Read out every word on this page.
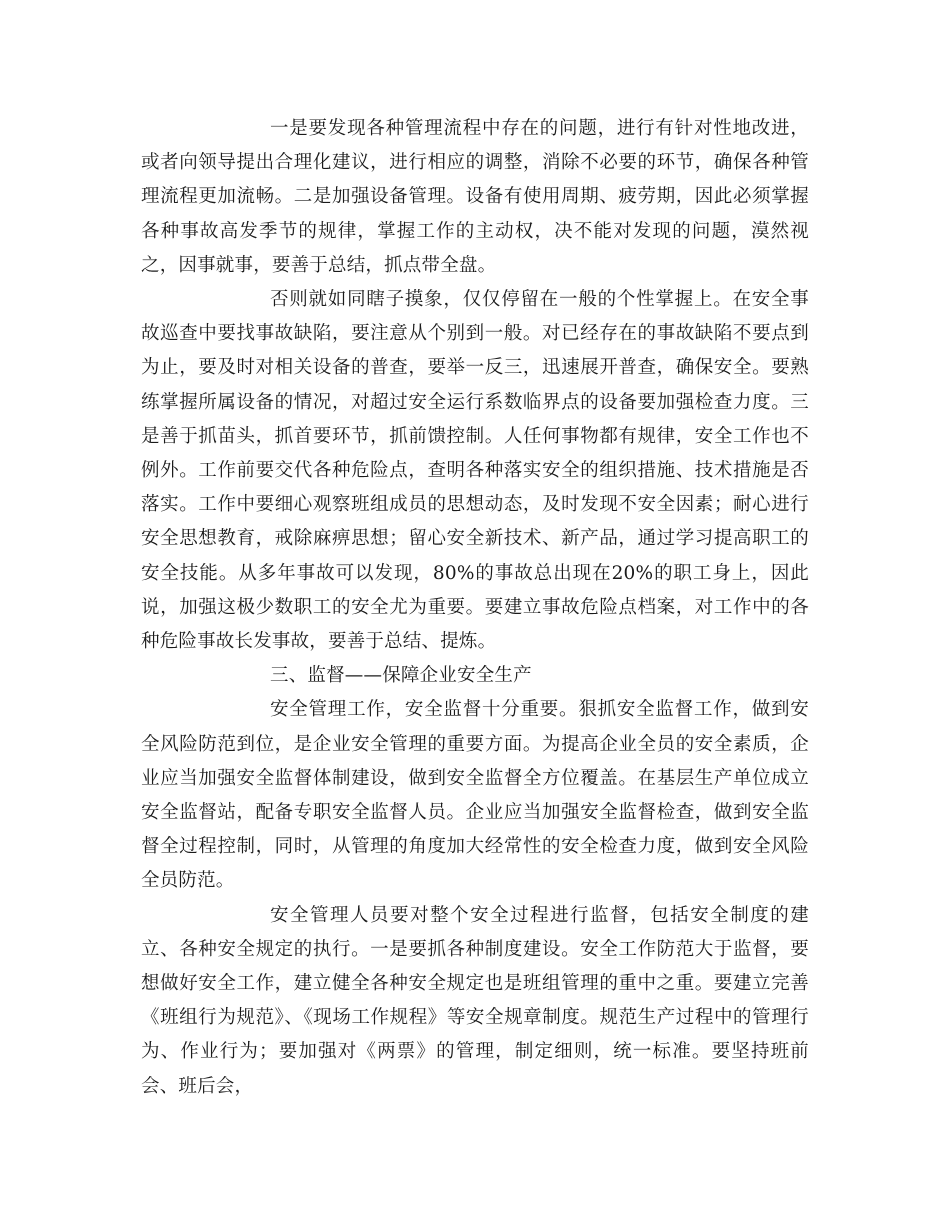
一是要发现各种管理流程中存在的问题，进行有针对性地改进，或者向领导提出合理化建议，进行相应的调整，消除不必要的环节，确保各种管理流程更加流畅。二是加强设备管理。设备有使用周期、疲劳期，因此必须掌握各种事故高发季节的规律，掌握工作的主动权，决不能对发现的问题，漠然视之，因事就事，要善于总结，抓点带全盘。

否则就如同瞎子摸象，仅仅停留在一般的个性掌握上。在安全事故巡查中要找事故缺陷，要注意从个别到一般。对已经存在的事故缺陷不要点到为止，要及时对相关设备的普查，要举一反三，迅速展开普查，确保安全。要熟练掌握所属设备的情况，对超过安全运行系数临界点的设备要加强检查力度。三是善于抓苗头，抓首要环节，抓前馈控制。人任何事物都有规律，安全工作也不例外。工作前要交代各种危险点，查明各种落实安全的组织措施、技术措施是否落实。工作中要细心观察班组成员的思想动态，及时发现不安全因素；耐心进行安全思想教育，戒除麻痹思想；留心安全新技术、新产品，通过学习提高职工的安全技能。从多年事故可以发现，80%的事故总出现在20%的职工身上，因此说，加强这极少数职工的安全尤为重要。要建立事故危险点档案，对工作中的各种危险事故长发事故，要善于总结、提炼。

三、监督——保障企业安全生产

安全管理工作，安全监督十分重要。狠抓安全监督工作，做到安全风险防范到位，是企业安全管理的重要方面。为提高企业全员的安全素质，企业应当加强安全监督体制建设，做到安全监督全方位覆盖。在基层生产单位成立安全监督站，配备专职安全监督人员。企业应当加强安全监督检查，做到安全监督全过程控制，同时，从管理的角度加大经常性的安全检查力度，做到安全风险全员防范。

安全管理人员要对整个安全过程进行监督，包括安全制度的建立、各种安全规定的执行。一是要抓各种制度建设。安全工作防范大于监督，要想做好安全工作，建立健全各种安全规定也是班组管理的重中之重。要建立完善《班组行为规范》、《现场工作规程》等安全规章制度。规范生产过程中的管理行为、作业行为；要加强对《两票》的管理，制定细则，统一标准。要坚持班前会、班后会，
